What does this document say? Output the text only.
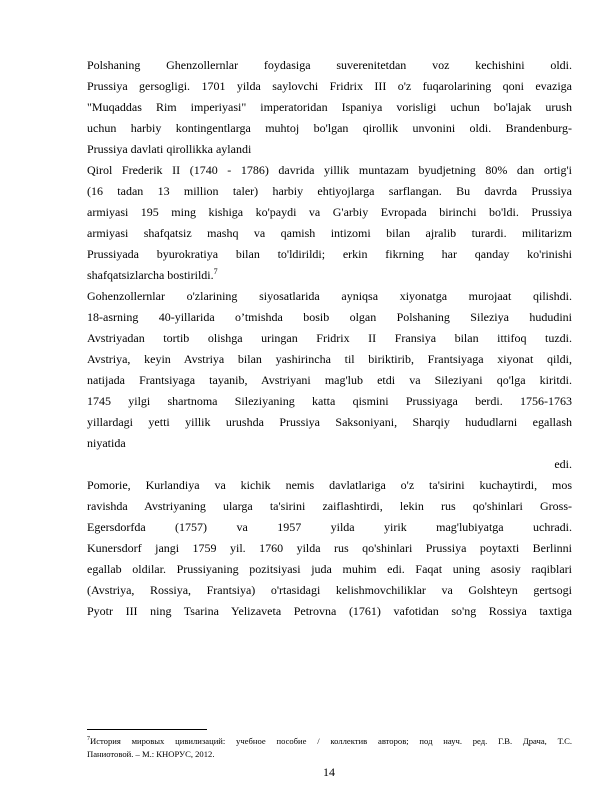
Polshaning Ghenzollernlar foydasiga suverenitetdan voz kechishini oldi.
Prussiya gersogligi. 1701 yilda saylovchi Fridrix III o'z fuqarolarining qoni evaziga
"Muqaddas Rim imperiyasi" imperatoridan Ispaniya vorisligi uchun bo'lajak urush
uchun harbiy kontingentlarga muhtoj bo'lgan qirollik unvonini oldi. Brandenburg-
Prussiya davlati qirollikka aylandi
Qirol Frederik II (1740 - 1786) davrida yillik muntazam byudjetning 80% dan ortig'i
(16 tadan 13 million taler) harbiy ehtiyojlarga sarflangan. Bu davrda Prussiya
armiyasi 195 ming kishiga ko'paydi va G'arbiy Evropada birinchi bo'ldi. Prussiya
armiyasi shafqatsiz mashq va qamish intizomi bilan ajralib turardi. militarizm
Prussiyada byurokratiya bilan to'ldirildi; erkin fikrning har qanday ko'rinishi
shafqatsizlarcha bostirildi.$^7$
Gohenzollernlar o'zlarining siyosatlarida ayniqsa xiyonatga murojaat qilishdi.
18-asrning 40-yillarida o’tmishda bosib olgan Polshaning Sileziya hududini
Avstriyadan tortib olishga uringan Fridrix II Fransiya bilan ittifoq tuzdi.
Avstriya, keyin Avstriya bilan yashirincha til biriktirib, Frantsiyaga xiyonat qildi,
natijada Frantsiyaga tayanib, Avstriyani mag'lub etdi va Sileziyani qo'lga kiritdi.
1745 yilgi shartnoma Sileziyaning katta qismini Prussiyaga berdi. 1756-1763
yillardagi yetti yillik urushda Prussiya Saksoniyani, Sharqiy hududlarni egallash
niyatida
edi.
Pomorie, Kurlandiya va kichik nemis davlatlariga o'z ta'sirini kuchaytirdi, mos
ravishda Avstriyaning ularga ta'sirini zaiflashtirdi, lekin rus qo'shinlari Gross-
Egersdorfda (1757) va 1957 yilda yirik mag'lubiyatga uchradi.
Kunersdorf jangi 1759 yil. 1760 yilda rus qo'shinlari Prussiya poytaxti Berlinni
egallab oldilar. Prussiyaning pozitsiyasi juda muhim edi. Faqat uning asosiy raqiblari
(Avstriya, Rossiya, Frantsiya) o'rtasidagi kelishmovchiliklar va Golshteyn gertsogi
Pyotr III ning Tsarina Yelizaveta Petrovna (1761) vafotidan so'ng Rossiya taxtiga
$^7$История мировых цивилизаций: учебное пособие / коллектив авторов; под науч. ред. Г.В. Драча, Т.С.
Паниотовой. – М.: КНОРУС, 2012.
14
